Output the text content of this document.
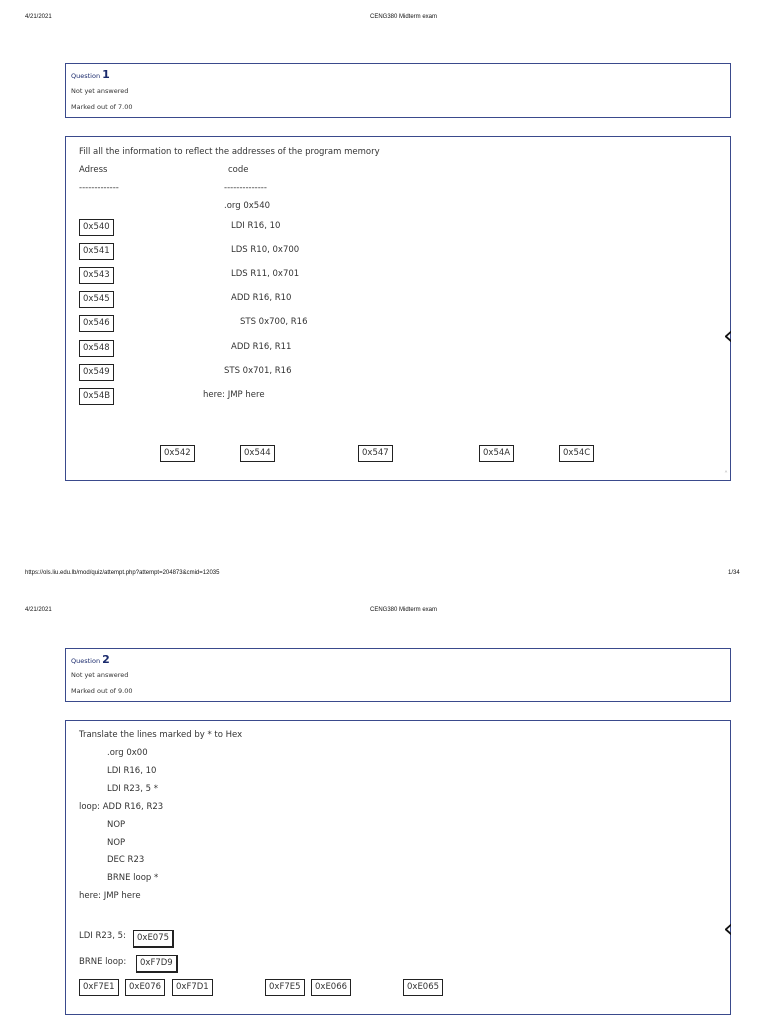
4/21/2021	CENG380 Midterm exam
Question 1
Not yet answered
Marked out of 7.00
Fill all the information to reflect the addresses of the program memory
Adress	code
-------------	--------------
.org 0x540
0x540	LDI R16, 10
0x541	LDS R10, 0x700
0x543	LDS R11, 0x701
0x545	ADD R16, R10
0x546	STS 0x700, R16
0x548	ADD R16, R11
0x549	STS 0x701, R16
0x54B	here: JMP here
0x542	0x544	0x547	0x54A	0x54C
‹
˄
https://ols.liu.edu.lb/mod/quiz/attempt.php?attempt=204873&cmid=12035	1/34
4/21/2021	CENG380 Midterm exam
Question 2
Not yet answered
Marked out of 9.00
Translate the lines marked by * to Hex
.org 0x00
LDI R16, 10
LDI R23, 5 *
loop: ADD R16, R23
NOP
NOP
DEC R23
BRNE loop *
here: JMP here
LDI R23, 5:	0xE075
BRNE loop:	0xF7D9
0xF7E1	0xE076	0xF7D1	0xF7E5	0xE066	0xE065
‹
